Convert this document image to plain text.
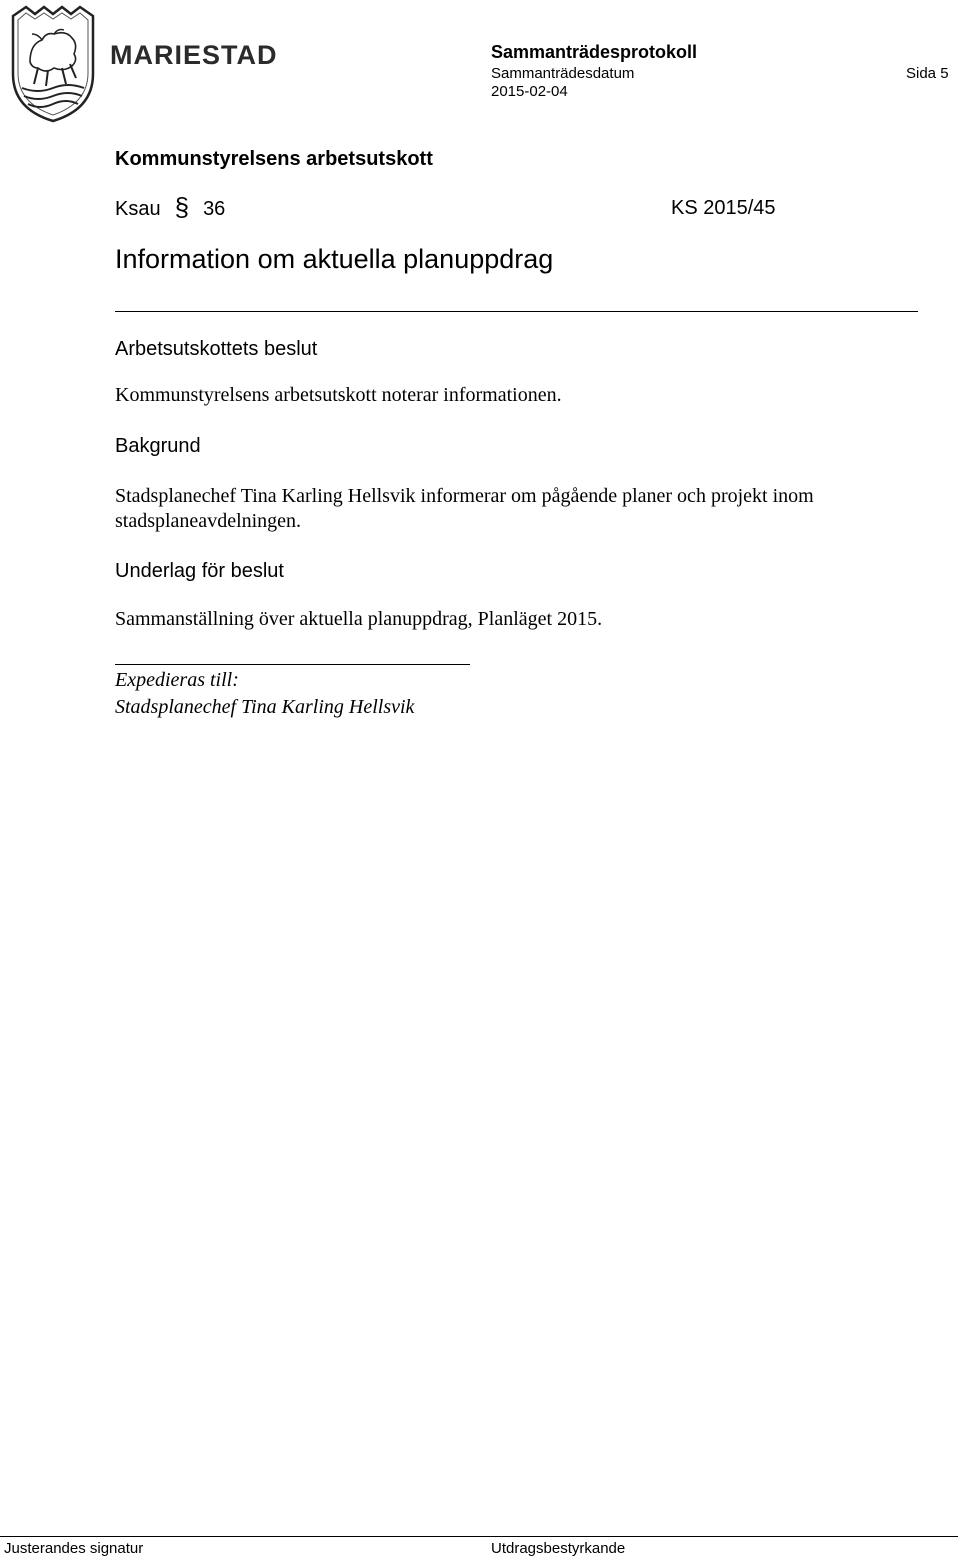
MARIESTAD	Sammanträdesprotokoll
Sammanträdesdatum	Sida 5
2015-02-04
Kommunstyrelsens arbetsutskott
Ksau § 36	KS 2015/45
Information om aktuella planuppdrag
Arbetsutskottets beslut
Kommunstyrelsens arbetsutskott noterar informationen.
Bakgrund
Stadsplanechef Tina Karling Hellsvik informerar om pågående planer och projekt inom stadsplaneavdelningen.
Underlag för beslut
Sammanställning över aktuella planuppdrag, Planläget 2015.
Expedieras till:
Stadsplanechef Tina Karling Hellsvik
Justerandes signatur	Utdragsbestyrkande
